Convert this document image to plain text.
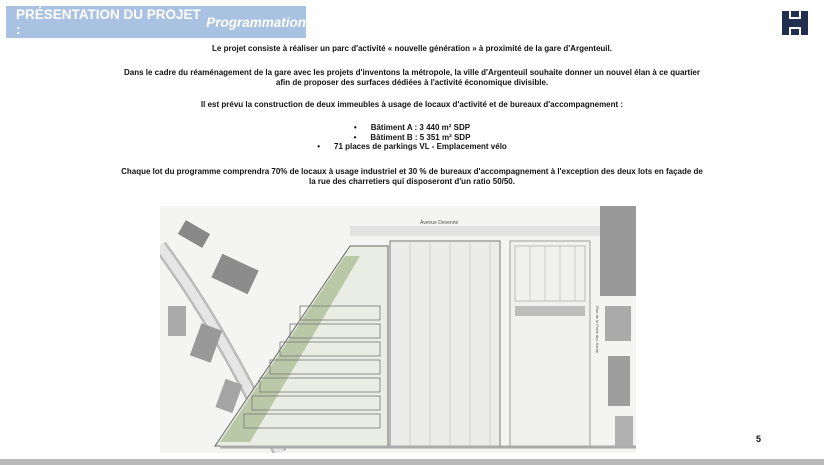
PRÉSENTATION DU PROJET :	Programmation

Le projet consiste à réaliser un parc d'activité « nouvelle génération » à proximité de la gare d'Argenteuil.

Dans le cadre du réaménagement de la gare avec les projets d'inventons la métropole, la ville d'Argenteuil souhaite donner un nouvel élan à ce quartier

afin de proposer des surfaces dédiées à l'activité économique divisible.

Il est prévu la construction de deux immeubles à usage de locaux d'activité et de bureaux d'accompagnement :

• Bâtiment A : 3 440 m² SDP
• Bâtiment B : 5 351 m² SDP
• 71 places de parkings VL - Emplacement vélo

Chaque lot du programme comprendra 70% de locaux à usage industriel et 30 % de bureaux d'accompagnement à l'exception des deux lots en façade de

la rue des charretiers qui disposeront d'un ratio 50/50.

Avenue Devenne
Rue de la Porte des Sorrie
5
